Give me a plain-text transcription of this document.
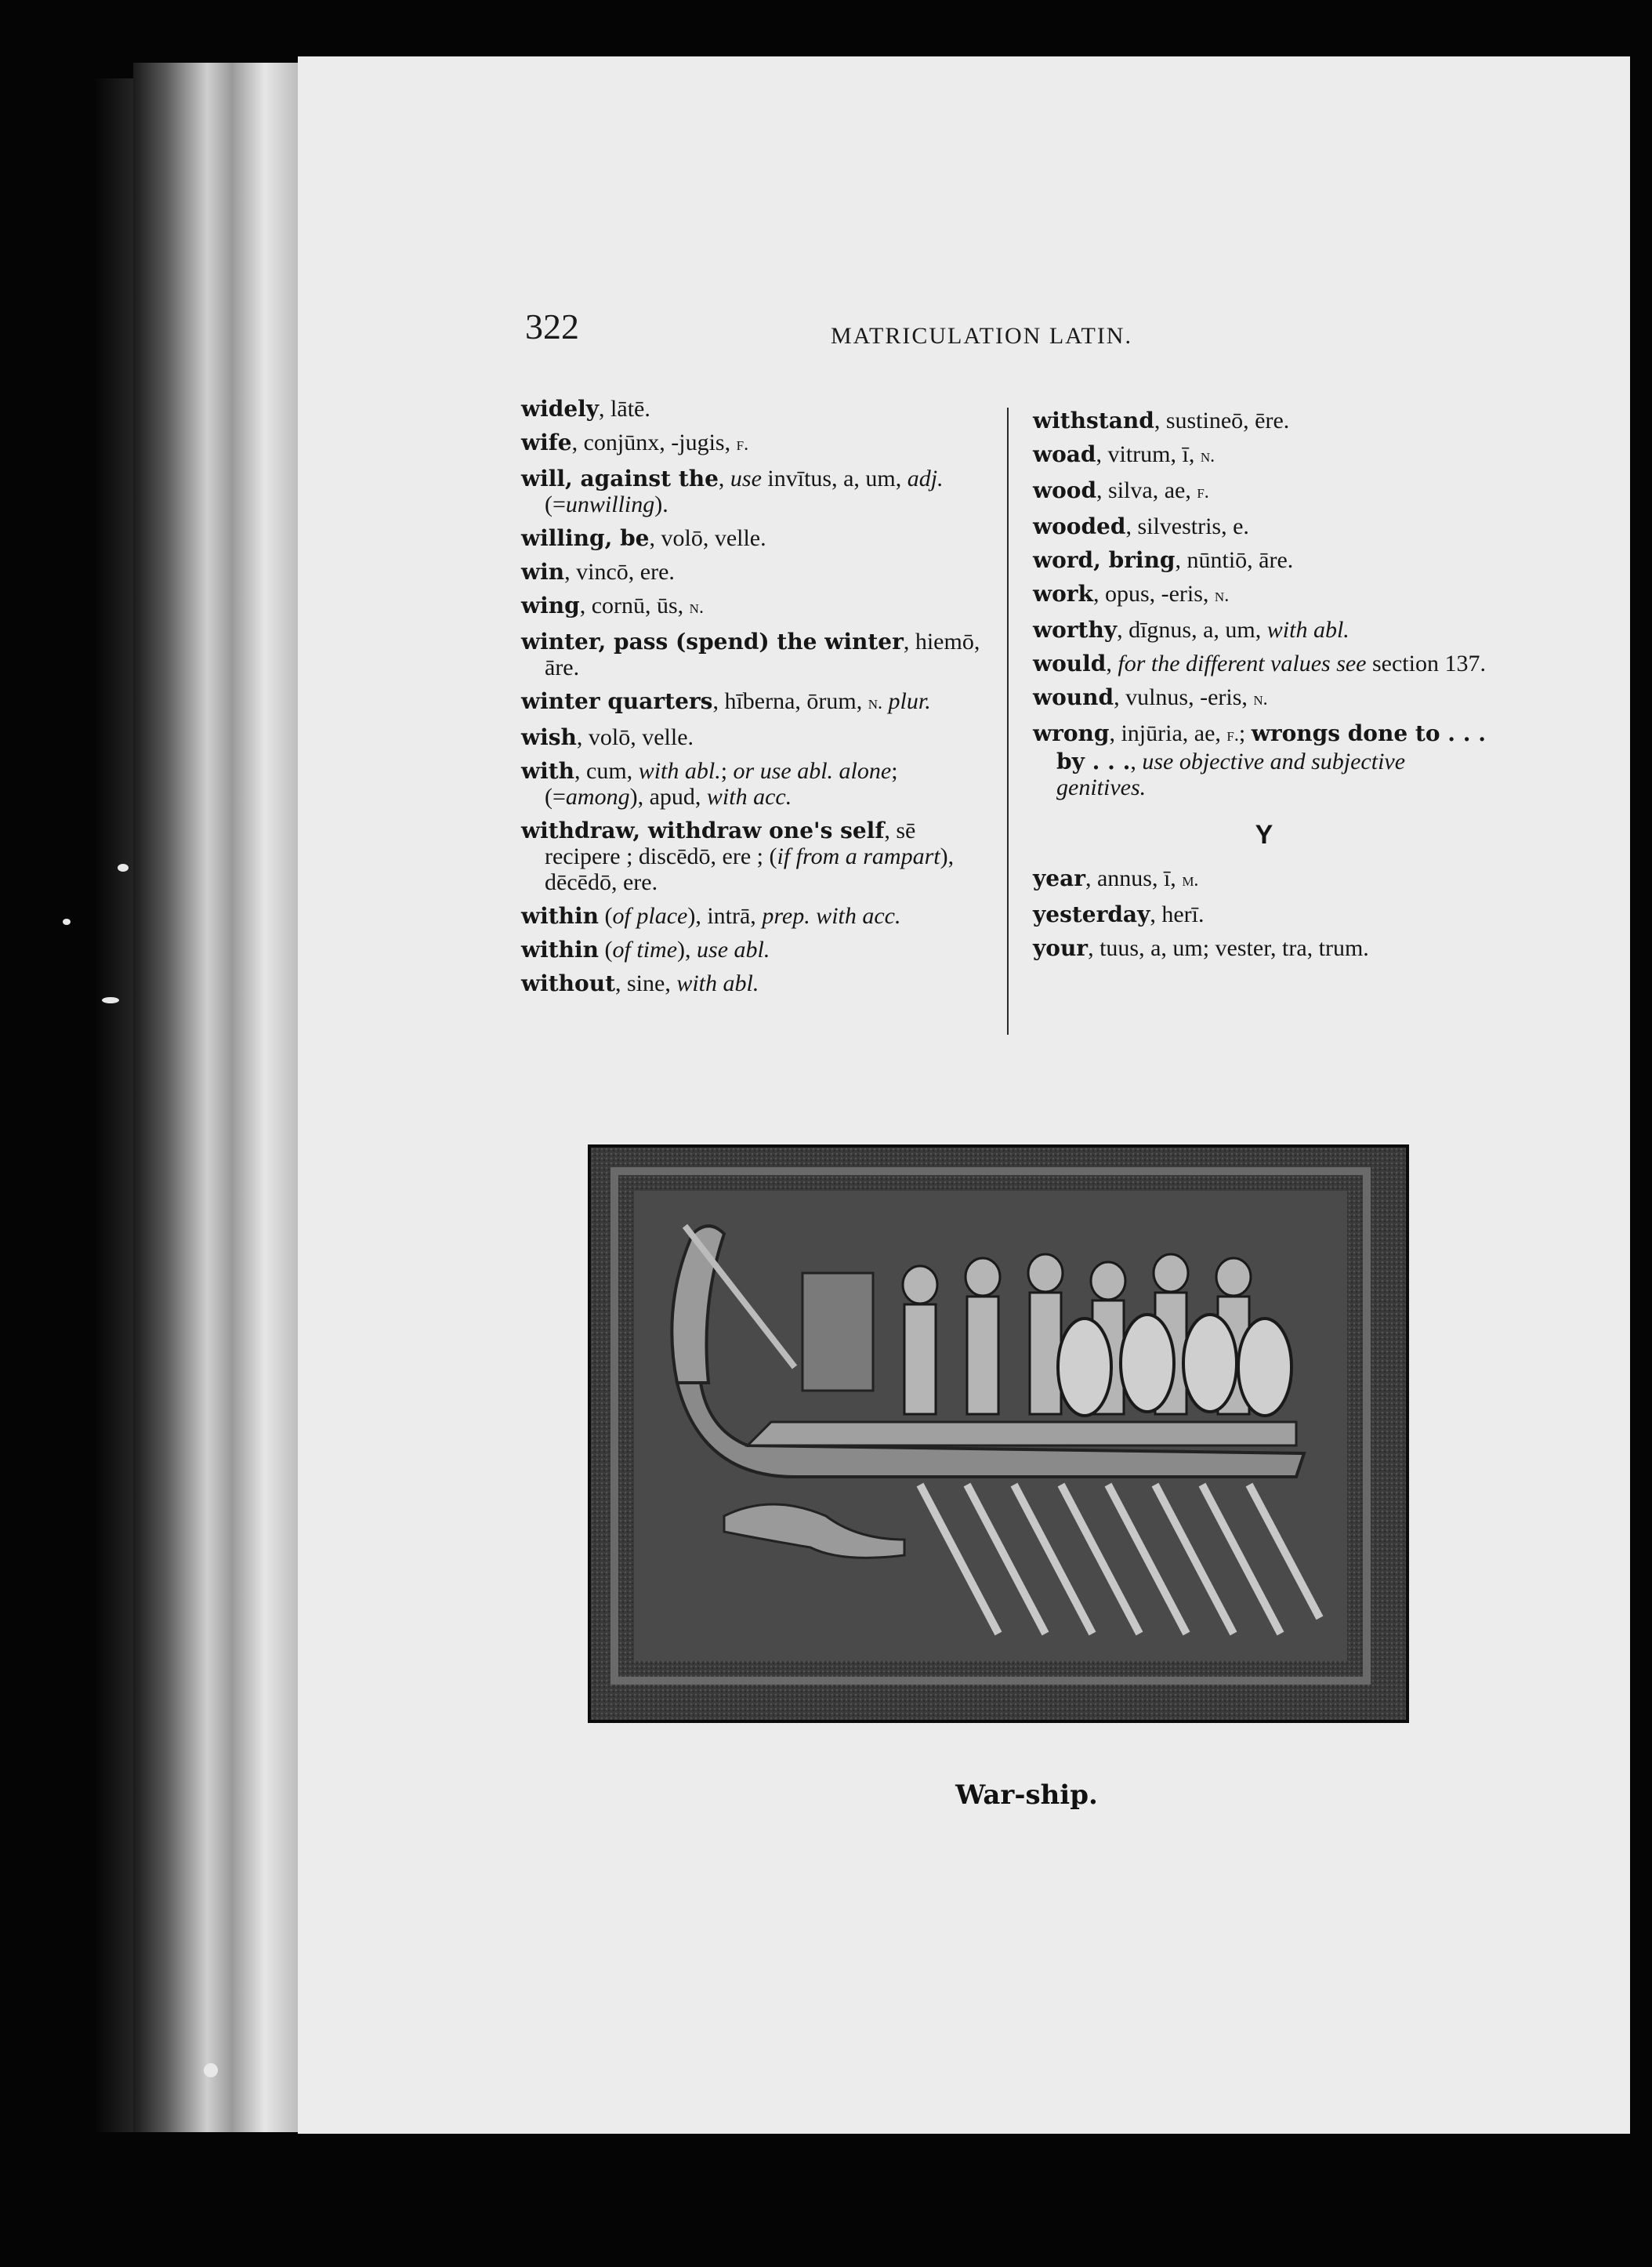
322	MATRICULATION LATIN.

widely, lātē.

wife, conjūnx, -jugis, f.

will, against the, use invītus, a, um, adj. (=unwilling).

willing, be, volō, velle.

win, vincō, ere.

wing, cornū, ūs, n.

winter, pass (spend) the winter, hiemō, āre.

winter quarters, hīberna, ōrum, n. plur.

wish, volō, velle.

with, cum, with abl.; or use abl. alone; (=among), apud, with acc.

withdraw, withdraw one's self, sē recipere ; discēdō, ere ; (if from a rampart), dēcēdō, ere.

within (of place), intrā, prep. with acc.

within (of time), use abl.

without, sine, with abl.

withstand, sustineō, ēre.

woad, vitrum, ī, n.

wood, silva, ae, f.

wooded, silvestris, e.

word, bring, nūntiō, āre.

work, opus, -eris, n.

worthy, dīgnus, a, um, with abl.

would, for the different values see section 137.

wound, vulnus, -eris, n.

wrong, injūria, ae, f.; wrongs done to . . . by . . ., use objective and subjective genitives.

Y

year, annus, ī, m.

yesterday, herī.

your, tuus, a, um; vester, tra, trum.

War-ship.
